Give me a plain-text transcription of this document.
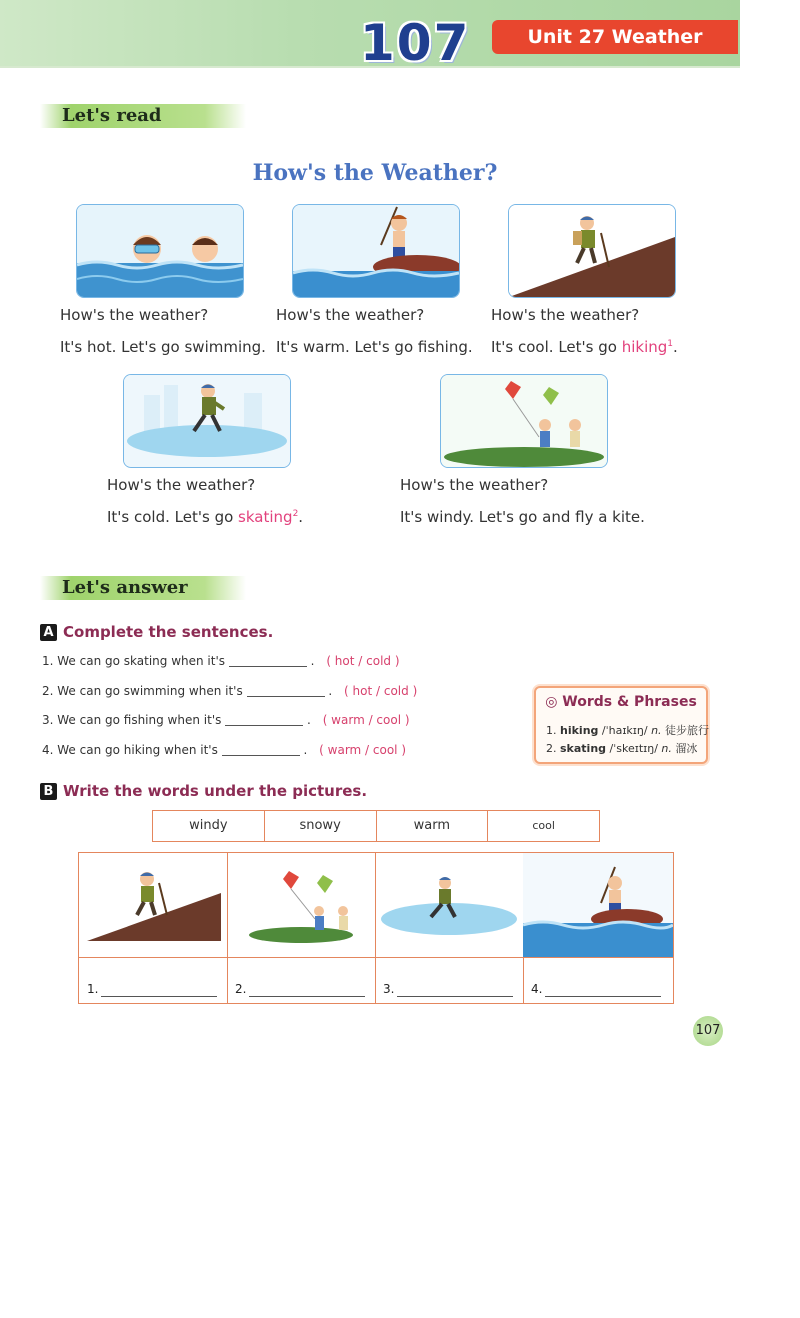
107	Unit 27 Weather
Let's read
How's the Weather?
How's the weather?
It's hot. Let's go swimming.
How's the weather?
It's warm. Let's go fishing.
How's the weather?
It's cool. Let's go hiking$^1$.
How's the weather?
It's cold. Let's go skating$^2$.
How's the weather?
It's windy. Let's go and fly a kite.
Let's answer
A Complete the sentences.
1. We can go skating when it's	. ( hot / cold )
2. We can go swimming when it's	. ( hot / cold )
3. We can go fishing when it's	. ( warm / cool )
4. We can go hiking when it's	. ( warm / cool )
◎ Words & Phrases
1. hiking /ˈhaɪkɪŋ/ n. 徒步旅行
2. skating /ˈskeɪtɪŋ/ n. 溜冰
B Write the words under the pictures.
windy	snowy	warm	cool
1.	2.	3.	4.
107
